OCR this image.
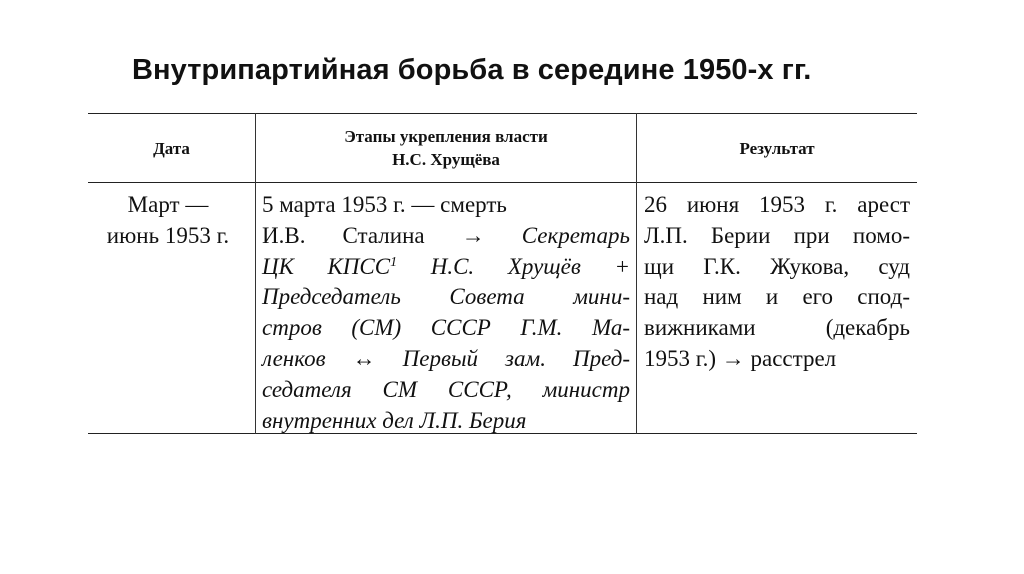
Внутрипартийная борьба в середине 1950-х гг.
Дата
Этапы укрепления власти
Н.С. Хрущёва
Результат
Март —
июнь 1953 г.
5 марта 1953 г. — смерть
И.В. Сталина → Секретарь
ЦК КПСС$^1$ Н.С. Хрущёв +
Председатель Совета мини-
стров (СМ) СССР Г.М. Ма-
ленков ↔ Первый зам. Пред-
седателя СМ СССР, министр
внутренних дел Л.П. Берия
26 июня 1953 г. арест
Л.П. Берии при помо-
щи Г.К. Жукова, суд
над ним и его спод-
вижниками (декабрь
1953 г.) → расстрел
